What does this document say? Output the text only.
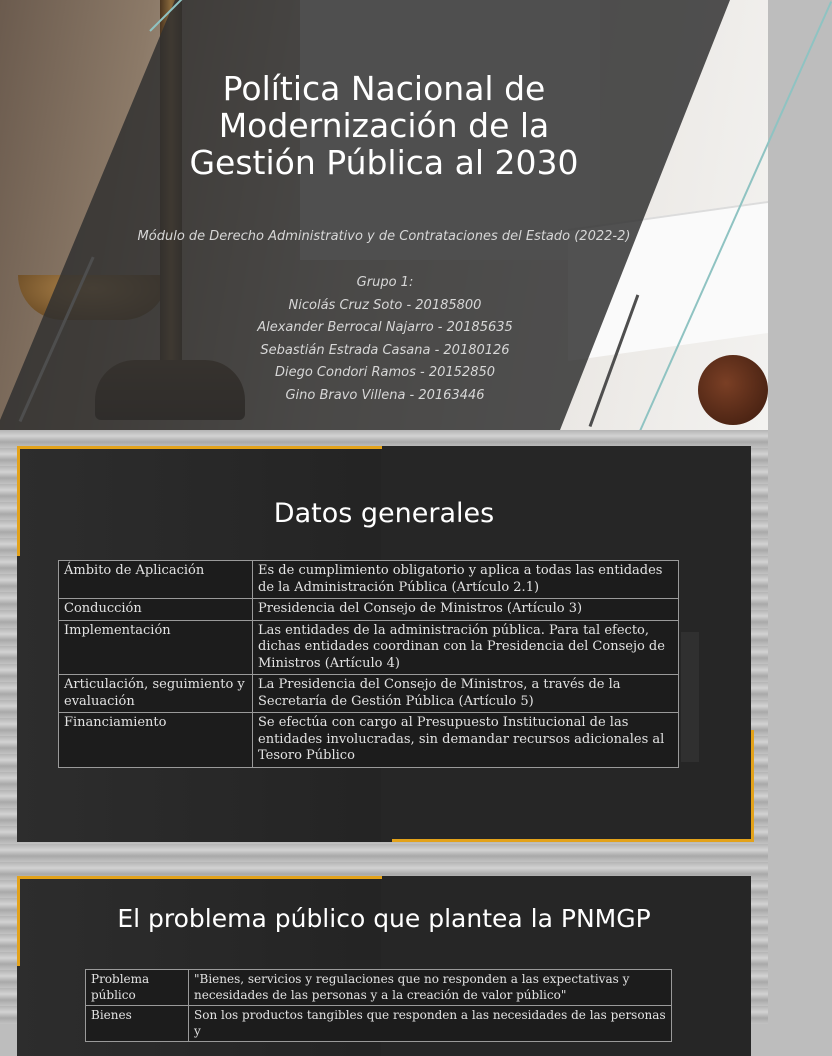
Política Nacional de
Modernización de la
Gestión Pública al 2030
Módulo de Derecho Administrativo y de Contrataciones del Estado (2022-2)
Grupo 1:
Nicolás Cruz Soto - 20185800
Alexander Berrocal Najarro - 20185635
Sebastián Estrada Casana - 20180126
Diego Condori Ramos - 20152850
Gino Bravo Villena - 20163446
Datos generales
Ámbito de Aplicación	Es de cumplimiento obligatorio y aplica a todas las entidades de la Administración Pública (Artículo 2.1)
Conducción	Presidencia del Consejo de Ministros (Artículo 3)
Implementación	Las entidades de la administración pública. Para tal efecto, dichas entidades coordinan con la Presidencia del Consejo de Ministros (Artículo 4)
Articulación, seguimiento y evaluación	La Presidencia del Consejo de Ministros, a través de la Secretaría de Gestión Pública (Artículo 5)
Financiamiento	Se efectúa con cargo al Presupuesto Institucional de las entidades involucradas, sin demandar recursos adicionales al Tesoro Público
El problema público que plantea la PNMGP
Problema público	"Bienes, servicios y regulaciones que no responden a las expectativas y necesidades de las personas y a la creación de valor público"
Bienes	Son los productos tangibles que responden a las necesidades de las personas y
